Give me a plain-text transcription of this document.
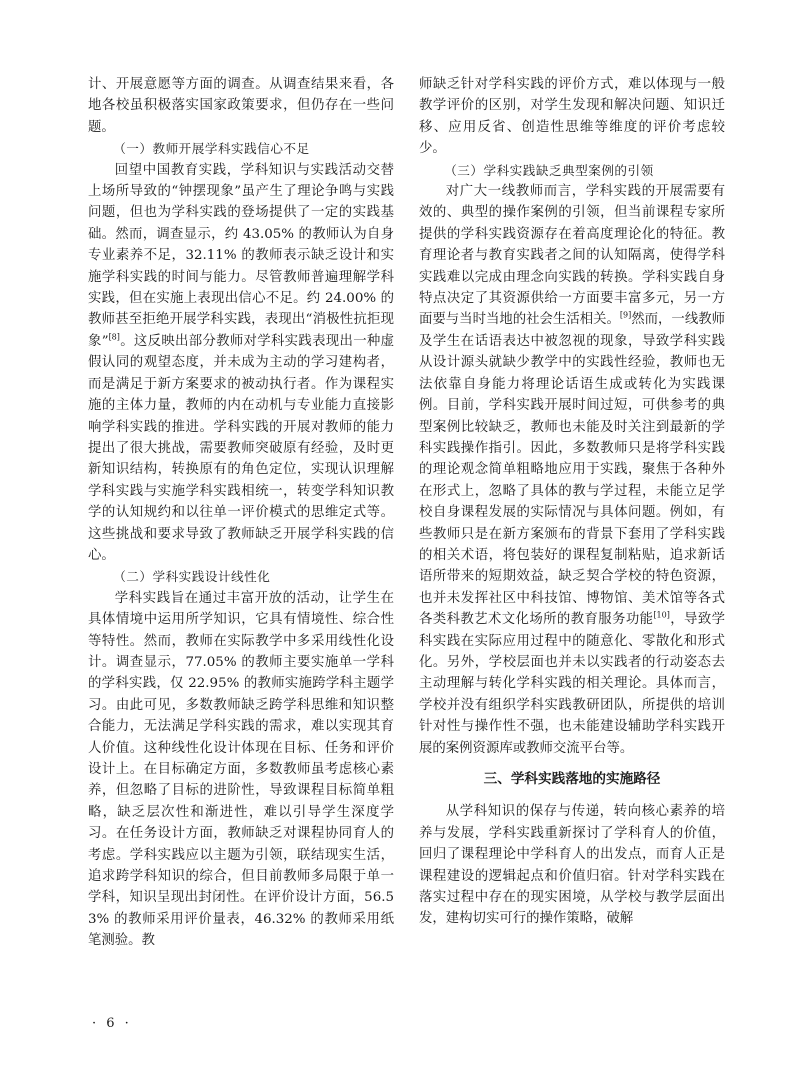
计、开展意愿等方面的调查。从调查结果来看，各地各校虽积极落实国家政策要求，但仍存在一些问题。

（一）教师开展学科实践信心不足

回望中国教育实践，学科知识与实践活动交替上场所导致的“钟摆现象”虽产生了理论争鸣与实践问题，但也为学科实践的登场提供了一定的实践基础。然而，调查显示，约 43.05% 的教师认为自身专业素养不足，32.11% 的教师表示缺乏设计和实施学科实践的时间与能力。尽管教师普遍理解学科实践，但在实施上表现出信心不足。约 24.00% 的教师甚至拒绝开展学科实践，表现出“消极性抗拒现象”[8]。这反映出部分教师对学科实践表现出一种虚假认同的观望态度，并未成为主动的学习建构者，而是满足于新方案要求的被动执行者。作为课程实施的主体力量，教师的内在动机与专业能力直接影响学科实践的推进。学科实践的开展对教师的能力提出了很大挑战，需要教师突破原有经验，及时更新知识结构，转换原有的角色定位，实现认识理解学科实践与实施学科实践相统一，转变学科知识教学的认知规约和以往单一评价模式的思维定式等。这些挑战和要求导致了教师缺乏开展学科实践的信心。

（二）学科实践设计线性化

学科实践旨在通过丰富开放的活动，让学生在具体情境中运用所学知识，它具有情境性、综合性等特性。然而，教师在实际教学中多采用线性化设计。调查显示，77.05% 的教师主要实施单一学科的学科实践，仅 22.95% 的教师实施跨学科主题学习。由此可见，多数教师缺乏跨学科思维和知识整合能力，无法满足学科实践的需求，难以实现其育人价值。这种线性化设计体现在目标、任务和评价设计上。在目标确定方面，多数教师虽考虑核心素养，但忽略了目标的进阶性，导致课程目标简单粗略，缺乏层次性和渐进性，难以引导学生深度学习。在任务设计方面，教师缺乏对课程协同育人的考虑。学科实践应以主题为引领，联结现实生活，追求跨学科知识的综合，但目前教师多局限于单一学科，知识呈现出封闭性。在评价设计方面，56.53% 的教师采用评价量表，46.32% 的教师采用纸笔测验。教

师缺乏针对学科实践的评价方式，难以体现与一般教学评价的区别，对学生发现和解决问题、知识迁移、应用反省、创造性思维等维度的评价考虑较少。

（三）学科实践缺乏典型案例的引领

对广大一线教师而言，学科实践的开展需要有效的、典型的操作案例的引领，但当前课程专家所提供的学科实践资源存在着高度理论化的特征。教育理论者与教育实践者之间的认知隔离，使得学科实践难以完成由理念向实践的转换。学科实践自身特点决定了其资源供给一方面要丰富多元，另一方面要与当时当地的社会生活相关。[9]然而，一线教师及学生在话语表达中被忽视的现象，导致学科实践从设计源头就缺少教学中的实践性经验，教师也无法依靠自身能力将理论话语生成或转化为实践课例。目前，学科实践开展时间过短，可供参考的典型案例比较缺乏，教师也未能及时关注到最新的学科实践操作指引。因此，多数教师只是将学科实践的理论观念简单粗略地应用于实践，聚焦于各种外在形式上，忽略了具体的教与学过程，未能立足学校自身课程发展的实际情况与具体问题。例如，有些教师只是在新方案颁布的背景下套用了学科实践的相关术语，将包装好的课程复制粘贴，追求新话语所带来的短期效益，缺乏契合学校的特色资源，也并未发挥社区中科技馆、博物馆、美术馆等各式各类科教艺术文化场所的教育服务功能[10]，导致学科实践在实际应用过程中的随意化、零散化和形式化。另外，学校层面也并未以实践者的行动姿态去主动理解与转化学科实践的相关理论。具体而言，学校并没有组织学科实践教研团队，所提供的培训针对性与操作性不强，也未能建设辅助学科实践开展的案例资源库或教师交流平台等。

三、学科实践落地的实施路径

从学科知识的保存与传递，转向核心素养的培养与发展，学科实践重新探讨了学科育人的价值，回归了课程理论中学科育人的出发点，而育人正是课程建设的逻辑起点和价值归宿。针对学科实践在落实过程中存在的现实困境，从学校与教学层面出发，建构切实可行的操作策略，破解

· 6 ·
